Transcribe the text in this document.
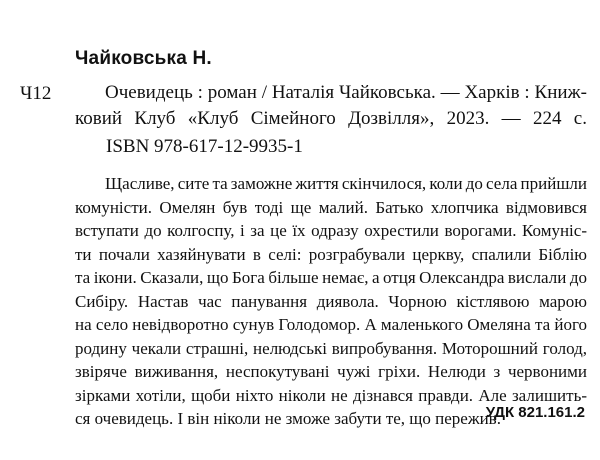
Чайковська Н.
Ч12	Очевидець : роман / Наталія Чайковська. — Харків : Книж-
ковий Клуб «Клуб Сімейного Дозвілля», 2023. — 224 с.

ISBN 978-617-12-9935-1

Щасливе, сите та заможне життя скінчилося, коли до села прийшли
комуністи. Омелян був тоді ще малий. Батько хлопчика відмовився
вступати до колгоспу, і за це їх одразу охрестили ворогами. Комуніс-
ти почали хазяйнувати в селі: розграбували церкву, спалили Біблію
та ікони. Сказали, що Бога більше немає, а отця Олександра вислали до
Сибіру. Настав час панування диявола. Чорною кістлявою марою
на село невідворотно сунув Голодомор. А маленького Омеляна та його
родину чекали страшні, нелюдські випробування. Моторошний голод,
звіряче виживання, неспокутувані чужі гріхи. Нелюди з червоними
зірками хотіли, щоби ніхто ніколи не дізнався правди. Але залишить-
ся очевидець. І він ніколи не зможе забути те, що пережив.

УДК 821.161.2
